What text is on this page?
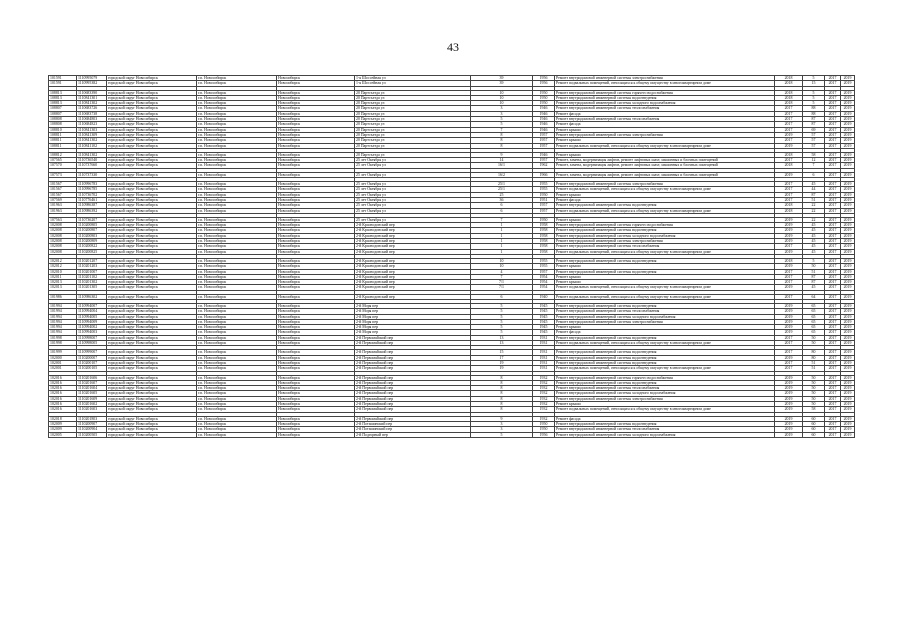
43
101591	1110995079	городской округ Новосибирск	г.п. Новосибирск	Новосибирск	1-я Шоссейная ул	39	1956	Ремонт внутридомовой инженерной системы электроснабжения	2018	5	2017	2019
101591	1110995382	городской округ Новосибирск	г.п. Новосибирск	Новосибирск	1-я Шоссейная ул	39	1956	Ремонт подвальных помещений, относящихся к общему имуществу в многоквартирном доме	2018	15	2017	2019

108813	1110683390	городской округ Новосибирск	г.п. Новосибирск	Новосибирск	20 Партсъезда ул	10	1950	Ремонт внутридомовой инженерной системы горячего водоснабжения	2018	5	2017	2019
108813	1110841301	городской округ Новосибирск	г.п. Новосибирск	Новосибирск	20 Партсъезда ул	10	1950	Ремонт внутридомовой инженерной системы водоотведения	2018	5	2017	2019
108813	1110841302	городской округ Новосибирск	г.п. Новосибирск	Новосибирск	20 Партсъезда ул	10	1950	Ремонт внутридомовой инженерной системы холодного водоснабжения	2018	5	2017	2019
108807	1110683726	городской округ Новосибирск	г.п. Новосибирск	Новосибирск	20 Партсъезда ул	3	1946	Ремонт внутридомовой инженерной системы теплоснабжения	2017	88	2017	2019
108807	1110683738	городской округ Новосибирск	г.п. Новосибирск	Новосибирск	20 Партсъезда ул	3	1946	Ремонт фасада	2017	88	2017	2019
108808	1110684803	городской округ Новосибирск	г.п. Новосибирск	Новосибирск	20 Партсъезда ул	5	1946	Ремонт внутридомовой инженерной системы теплоснабжения	2017	87	2017	2019
108808	1110684823	городской округ Новосибирск	г.п. Новосибирск	Новосибирск	20 Партсъезда ул	5	1946	Ремонт фасада	2017	87	2017	2019
108810	1110841303	городской округ Новосибирск	г.п. Новосибирск	Новосибирск	20 Партсъезда ул	7	1946	Ремонт крыши	2017	69	2017	2019
108811	1110841309	городской округ Новосибирск	г.п. Новосибирск	Новосибирск	20 Партсъезда ул	8	1957	Ремонт внутридомовой инженерной системы электроснабжения	2019	57	2017	2019
108811	1110841302	городской округ Новосибирск	г.п. Новосибирск	Новосибирск	20 Партсъезда ул	8	1957	Ремонт крыши	2017	57	2017	2019
108811	1110841102	городской округ Новосибирск	г.п. Новосибирск	Новосибирск	20 Партсъезда ул	8	1957	Ремонт подвальных помещений, относящихся к общему имуществу в многоквартирном доме	2019	57	2017	2019

108812	1110841302	городской округ Новосибирск	г.п. Новосибирск	Новосибирск	20 Партсъезда ул	9	1946	Ремонт крыши	2018	58	2017	2019
107565	1110736540	городской округ Новосибирск	г.п. Новосибирск	Новосибирск	25 лет Октября ул	14	1957	Ремонт, замена, модернизация лифтов, ремонт лифтовых шахт, машинных и блочных помещений	2017	12	2017	2019
107570	1110737660	городской округ Новосибирск	г.п. Новосибирск	Новосибирск	25 лет Октября ул	16/1	1962	Ремонт, замена, модернизация лифтов, ремонт лифтовых шахт, машинных и блочных помещений	2018	7	2017	2019

107573	1110737330	городской округ Новосибирск	г.п. Новосибирск	Новосибирск	25 лет Октября ул	16/2	1966	Ремонт, замена, модернизация лифтов, ремонт лифтовых шахт, машинных и блочных помещений	2019	6	2017	2019

101567	1110996783	городской округ Новосибирск	г.п. Новосибирск	Новосибирск	25 лет Октября ул	25/1	1955	Ремонт внутридомовой инженерной системы электроснабжения	2017	45	2017	2019
101567	1110996785	городской округ Новосибирск	г.п. Новосибирск	Новосибирск	25 лет Октября ул	25/1	1955	Ремонт подвальных помещений, относящихся к общему имуществу в многоквартирном доме	2017	44	2017	2019
101567	1110736702	городской округ Новосибирск	г.п. Новосибирск	Новосибирск	25 лет Октября ул	25	1950	Ремонт крыши	2017	87	2017	2019
107569	1110776461	городской округ Новосибирск	г.п. Новосибирск	Новосибирск	25 лет Октября ул	36	1951	Ремонт фасада	2017	51	2017	2019
101963	1110986387	городской округ Новосибирск	г.п. Новосибирск	Новосибирск	25 лет Октября ул	6	1957	Ремонт внутридомовой инженерной системы водоотведения	2018	22	2017	2019
101963	1110986392	городской округ Новосибирск	г.п. Новосибирск	Новосибирск	25 лет Октября ул	6	1957	Ремонт подвальных помещений, относящихся к общему имуществу в многоквартирном доме	2018	22	2017	2019

107563	1110736207	городской округ Новосибирск	г.п. Новосибирск	Новосибирск	25 лет Октября ул	7	1950	Ремонт крыши	2019	22	2017	2019
102008	1110200805	городской округ Новосибирск	г.п. Новосибирск	Новосибирск	2-й Краснодонский пер	1	1958	Ремонт внутридомовой инженерной системы горячего водоснабжения	2019	45	2017	2019
102008	1110200807	городской округ Новосибирск	г.п. Новосибирск	Новосибирск	2-й Краснодонский пер	1	1958	Ремонт внутридомовой инженерной системы водоотведения	2019	45	2017	2019
102008	1110200803	городской округ Новосибирск	г.п. Новосибирск	Новосибирск	2-й Краснодонский пер	1	1958	Ремонт внутридомовой инженерной системы холодного водоснабжения	2019	45	2017	2019
102008	1110200809	городской округ Новосибирск	г.п. Новосибирск	Новосибирск	2-й Краснодонский пер	1	1958	Ремонт внутридомовой инженерной системы электроснабжения	2019	45	2017	2019
102008	1110200822	городской округ Новосибирск	г.п. Новосибирск	Новосибирск	2-й Краснодонский пер	1	1958	Ремонт внутридомовой инженерной системы теплоснабжения	2017	45	2017	2019
102008	1110200825	городской округ Новосибирск	г.п. Новосибирск	Новосибирск	2-й Краснодонский пер	1	1958	Ремонт подвальных помещений, относящихся к общему имуществу в многоквартирном доме	2019	45	2017	2019

102012	1110201207	городской округ Новосибирск	г.п. Новосибирск	Новосибирск	2-й Краснодонский пер	10	1955	Ремонт внутридомовой инженерной системы водоотведения	2018	5	2017	2019
102012	1110201203	городской округ Новосибирск	г.п. Новосибирск	Новосибирск	2-й Краснодонский пер	10	1955	Ремонт крыши	2019	50	2017	2019
102010	1110201007	городской округ Новосибирск	г.п. Новосибирск	Новосибирск	2-й Краснодонский пер	4	1957	Ремонт внутридомовой инженерной системы водоотведения	2017	51	2017	2019
102011	1110201102	городской округ Новосибирск	г.п. Новосибирск	Новосибирск	2-й Краснодонский пер	7	1954	Ремонт крыши	2017	87	2017	2019
102013	1110201302	городской округ Новосибирск	г.п. Новосибирск	Новосибирск	2-й Краснодонский пер	7/1	1954	Ремонт крыши	2017	87	2017	2019
102013	1110201305	городской округ Новосибирск	г.п. Новосибирск	Новосибирск	2-й Краснодонский пер	7/1	1954	Ремонт подвальных помещений, относящихся к общему имуществу в многоквартирном доме	2019	45	2017	2019

101986	1110986302	городской округ Новосибирск	г.п. Новосибирск	Новосибирск	2-й Краснодонский пер	6	1940	Ремонт подвальных помещений, относящихся к общему имуществу в многоквартирном доме	2017	64	2017	2019

101994	1110994007	городской округ Новосибирск	г.п. Новосибирск	Новосибирск	2-й Моря пер	5	1945	Ремонт внутридомовой инженерной системы водоотведения	2019	65	2017	2019
101994	1110994004	городской округ Новосибирск	г.п. Новосибирск	Новосибирск	2-й Моря пер	5	1945	Ремонт внутридомовой инженерной системы теплоснабжения	2019	65	2017	2019
101994	1110994005	городской округ Новосибирск	г.п. Новосибирск	Новосибирск	2-й Моря пер	5	1945	Ремонт внутридомовой инженерной системы холодного водоснабжения	2019	65	2017	2019
101994	1110994009	городской округ Новосибирск	г.п. Новосибирск	Новосибирск	2-й Моря пер	5	1945	Ремонт внутридомовой инженерной системы электроснабжения	2019	65	2017	2019
101994	1110994002	городской округ Новосибирск	г.п. Новосибирск	Новосибирск	2-й Моря пер	5	1945	Ремонт крыши	2019	65	2017	2019
101994	1110994003	городской округ Новосибирск	г.п. Новосибирск	Новосибирск	2-й Моря пер	5	1945	Ремонт фасада	2019	65	2017	2019
101998	1110998007	городской округ Новосибирск	г.п. Новосибирск	Новосибирск	2-й Первомайский пер	13	1931	Ремонт внутридомовой инженерной системы водоотведения	2017	50	2017	2019
101998	1110998005	городской округ Новосибирск	г.п. Новосибирск	Новосибирск	2-й Первомайский пер	13	1931	Ремонт подвальных помещений, относящихся к общему имуществу в многоквартирном доме	2017	50	2017	2019

101999	1110999007	городской округ Новосибирск	г.п. Новосибирск	Новосибирск	2-й Первомайский пер	15	1931	Ремонт внутридомовой инженерной системы водоотведения	2017	80	2017	2019
102000	1110200007	городской округ Новосибирск	г.п. Новосибирск	Новосибирск	2-й Первомайский пер	17	1931	Ремонт внутридомовой инженерной системы водоотведения	2019	80	2017	2019
102001	1110200107	городской округ Новосибирск	г.п. Новосибирск	Новосибирск	2-й Первомайский пер	19	1931	Ремонт внутридомовой инженерной системы водоотведения	2017	51	2017	2019
102001	1110200105	городской округ Новосибирск	г.п. Новосибирск	Новосибирск	2-й Первомайский пер	19	1931	Ремонт подвальных помещений, относящихся к общему имуществу в многоквартирном доме	2017	51	2017	2019

102016	1110201606	городской округ Новосибирск	г.п. Новосибирск	Новосибирск	2-й Первомайский пер	8	1932	Ремонт внутридомовой инженерной системы горячего водоснабжения	2019	50	2017	2019
102016	1110201607	городской округ Новосибирск	г.п. Новосибирск	Новосибирск	2-й Первомайский пер	8	1932	Ремонт внутридомовой инженерной системы водоотведения	2019	50	2017	2019
102016	1110201604	городской округ Новосибирск	г.п. Новосибирск	Новосибирск	2-й Первомайский пер	8	1932	Ремонт внутридомовой инженерной системы теплоснабжения	2019	50	2017	2019
102016	1110201605	городской округ Новосибирск	г.п. Новосибирск	Новосибирск	2-й Первомайский пер	8	1932	Ремонт внутридомовой инженерной системы холодного водоснабжения	2019	50	2017	2019
102016	1110201609	городской округ Новосибирск	г.п. Новосибирск	Новосибирск	2-й Первомайский пер	8	1932	Ремонт внутридомовой инженерной системы электроснабжения	2019	50	2017	2019
102016	1110201602	городской округ Новосибирск	г.п. Новосибирск	Новосибирск	2-й Первомайский пер	8	1932	Ремонт крыши	2019	50	2017	2019
102016	1110201603	городской округ Новосибирск	г.п. Новосибирск	Новосибирск	2-й Первомайский пер	8	1932	Ремонт подвальных помещений, относящихся к общему имуществу в многоквартирном доме	2019	58	2017	2019

102018	1110201803	городской округ Новосибирск	г.п. Новосибирск	Новосибирск	2-й Первомайский пер	9	1932	Ремонт фасада	2019	60	2017	2019
102009	1110200907	городской округ Новосибирск	г.п. Новосибирск	Новосибирск	2-й Поташинский пер	3	1950	Ремонт внутридомовой инженерной системы водоотведения	2019	60	2017	2019
102009	1110200904	городской округ Новосибирск	г.п. Новосибирск	Новосибирск	2-й Поташинский пер	3	1950	Ремонт внутридомовой инженерной системы теплоснабжения	2019	60	2017	2019
102005	1110200505	городской округ Новосибирск	г.п. Новосибирск	Новосибирск	2-й Подгорный пер	5	1956	Ремонт внутридомовой инженерной системы холодного водоснабжения	2019	60	2017	2019
